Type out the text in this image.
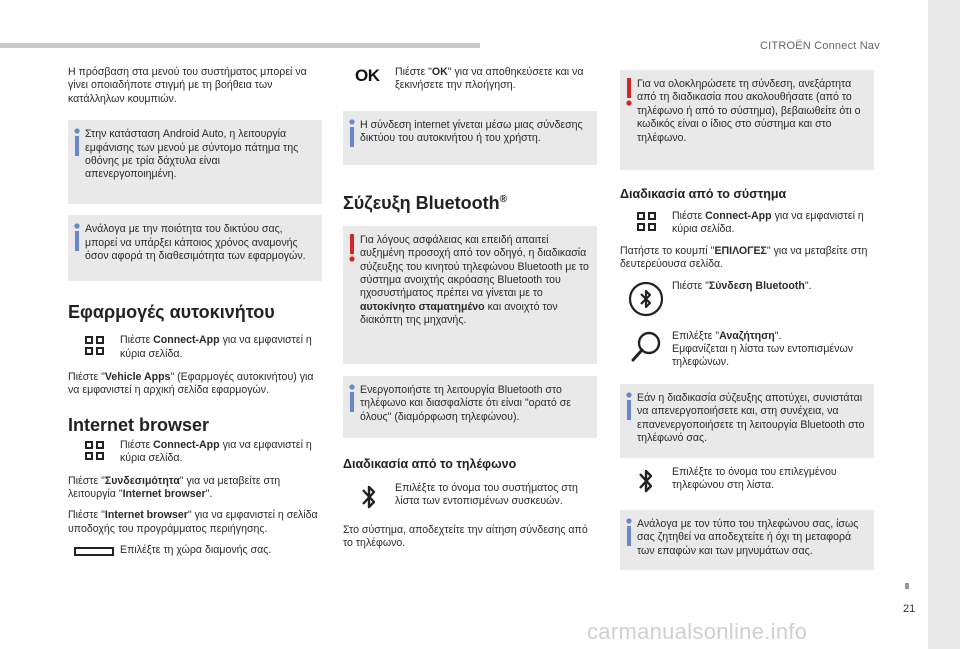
CITROËN Connect Nav
21
carmanualsonline.info

Η πρόσβαση στα μενού του συστήματος μπορεί να γίνει οποιαδήποτε στιγμή με τη βοήθεια των κατάλληλων κουμπιών.

Στην κατάσταση Android Auto, η λειτουργία εμφάνισης των μενού με σύντομο πάτημα της οθόνης με τρία δάχτυλα είναι απενεργοποιημένη.
Ανάλογα με την ποιότητα του δικτύου σας, μπορεί να υπάρξει κάποιος χρόνος αναμονής όσον αφορά τη διαθεσιμότητα των εφαρμογών.
Εφαρμογές αυτοκινήτου

Πιέστε Connect-App για να εμφανιστεί η κύρια σελίδα.

Πιέστε "Vehicle Apps" (Εφαρμογές αυτοκινήτου) για να εμφανιστεί η αρχική σελίδα εφαρμογών.

Internet browser

Πιέστε Connect-App για να εμφανιστεί η κύρια σελίδα.

Πιέστε "Συνδεσιμότητα" για να μεταβείτε στη λειτουργία "Internet browser".

Πιέστε "Internet browser" για να εμφανιστεί η σελίδα υποδοχής του προγράμματος περιήγησης.

Επιλέξτε τη χώρα διαμονής σας.

OK Πιέστε "OK" για να αποθηκεύσετε και να ξεκινήσετε την πλοήγηση.

Η σύνδεση internet γίνεται μέσω μιας σύνδεσης δικτύου του αυτοκινήτου ή του χρήστη.
Σύζευξη Bluetooth®
Για λόγους ασφάλειας και επειδή απαιτεί αυξημένη προσοχή από τον οδηγό, η διαδικασία σύζευξης του κινητού τηλεφώνου Bluetooth με το σύστημα ανοιχτής ακρόασης Bluetooth του ηχοσυστήματος πρέπει να γίνεται με το αυτοκίνητο σταματημένο και ανοιχτό τον διακόπτη της μηχανής.
Ενεργοποιήστε τη λειτουργία Bluetooth στο τηλέφωνο και διασφαλίστε ότι είναι "ορατό σε όλους" (διαμόρφωση τηλεφώνου).
Διαδικασία από το τηλέφωνο

Επιλέξτε το όνομα του συστήματος στη λίστα των εντοπισμένων συσκευών.

Στο σύστημα, αποδεχτείτε την αίτηση σύνδεσης από το τηλέφωνο.

Για να ολοκληρώσετε τη σύνδεση, ανεξάρτητα από τη διαδικασία που ακολουθήσατε (από το τηλέφωνο ή από το σύστημα), βεβαιωθείτε ότι ο κωδικός είναι ο ίδιος στο σύστημα και στο τηλέφωνο.
Διαδικασία από το σύστημα

Πιέστε Connect-App για να εμφανιστεί η κύρια σελίδα.

Πατήστε το κουμπί "ΕΠΙΛΟΓΕΣ" για να μεταβείτε στη δευτερεύουσα σελίδα.

Πιέστε "Σύνδεση Bluetooth".

Επιλέξτε "Αναζήτηση".
Εμφανίζεται η λίστα των εντοπισμένων τηλεφώνων.

Εάν η διαδικασία σύζευξης αποτύχει, συνιστάται να απενεργοποιήσετε και, στη συνέχεια, να επανενεργοποιήσετε τη λειτουργία Bluetooth στο τηλέφωνό σας.

Επιλέξτε το όνομα του επιλεγμένου τηλεφώνου στη λίστα.

Ανάλογα με τον τύπο του τηλεφώνου σας, ίσως σας ζητηθεί να αποδεχτείτε ή όχι τη μεταφορά των επαφών και των μηνυμάτων σας.
